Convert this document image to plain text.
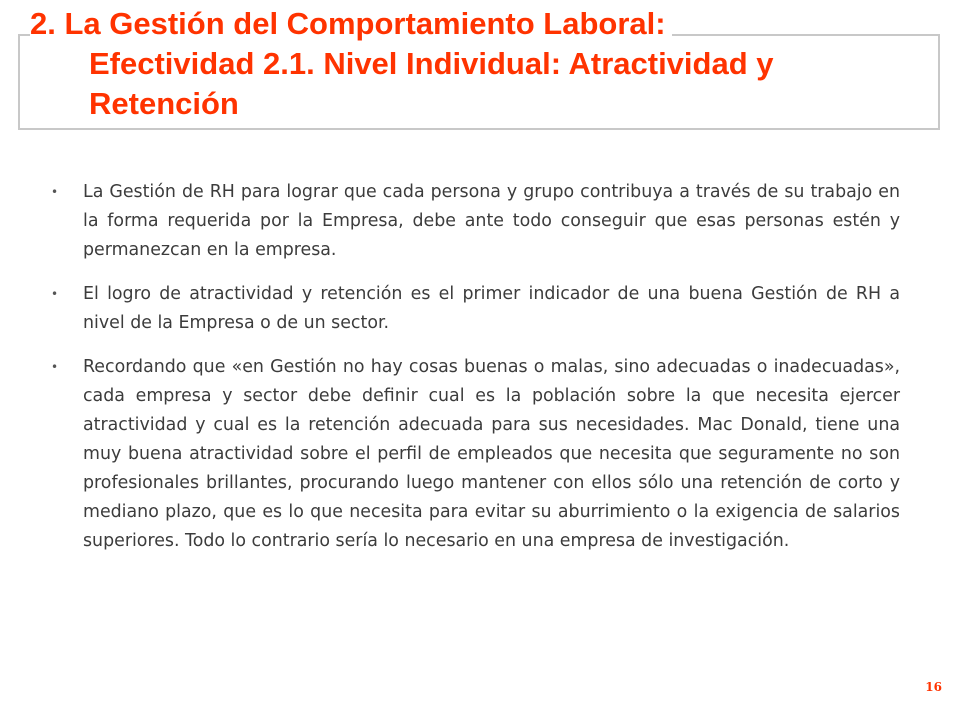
2. La Gestión del Comportamiento Laboral:
Efectividad 2.1. Nivel Individual: Atractividad y
Retención
• La Gestión de RH para lograr que cada persona y grupo contribuya a través de su trabajo en la forma requerida por la Empresa, debe ante todo conseguir que esas personas estén y permanezcan en la empresa.
• El logro de atractividad y retención es el primer indicador de una buena Gestión de RH a nivel de la Empresa o de un sector.
• Recordando que «en Gestión no hay cosas buenas o malas, sino adecuadas o inadecuadas», cada empresa y sector debe definir cual es la población sobre la que necesita ejercer atractividad y cual es la retención adecuada para sus necesidades. Mac Donald, tiene una muy buena atractividad sobre el perfil de empleados que necesita que seguramente no son profesionales brillantes, procurando luego mantener con ellos sólo una retención de corto y mediano plazo, que es lo que necesita para evitar su aburrimiento o la exigencia de salarios superiores. Todo lo contrario sería lo necesario en una empresa de investigación.
16
